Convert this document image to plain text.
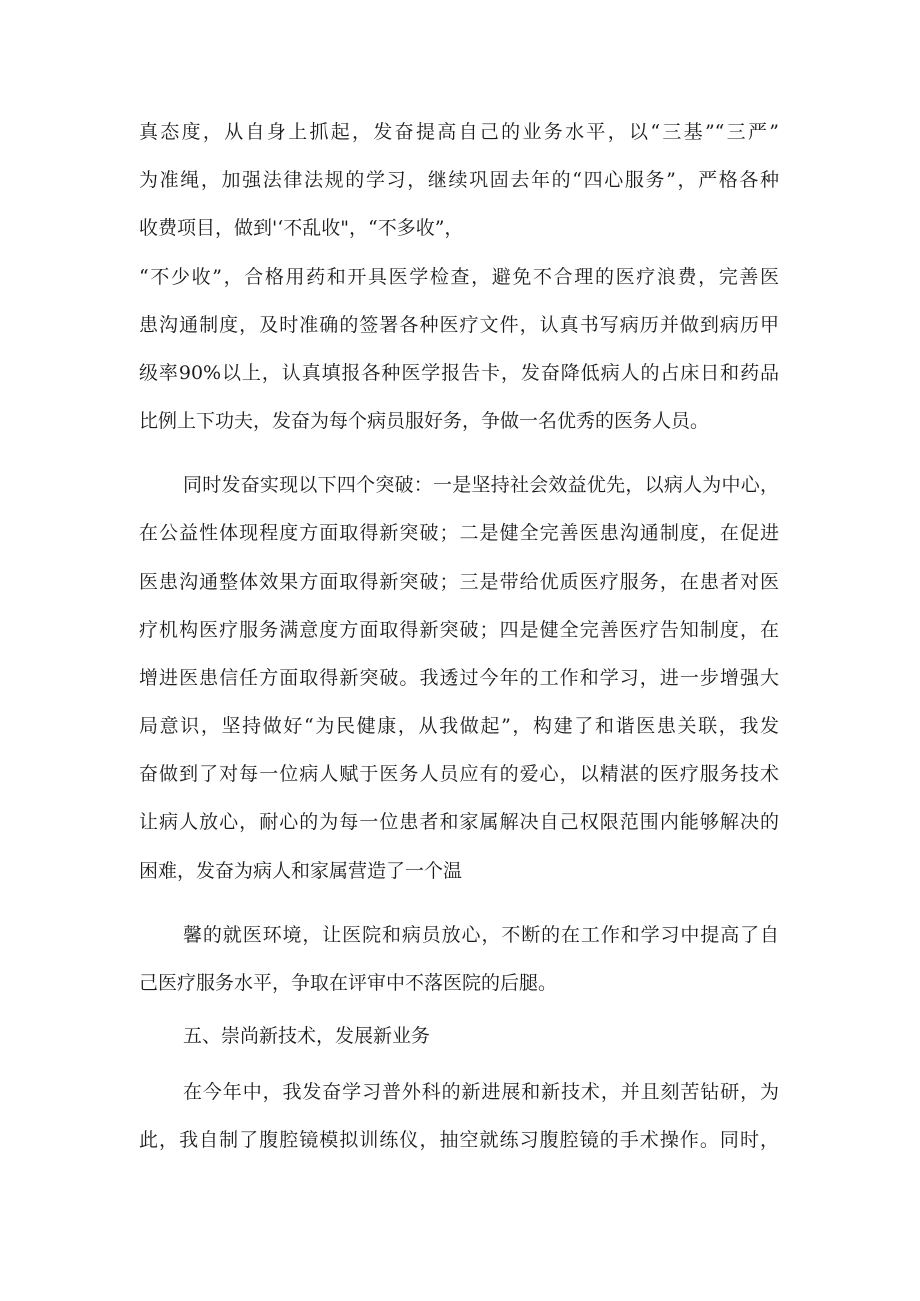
真态度，从自身上抓起，发奋提高自己的业务水平，以“三基”“三严”
为准绳，加强法律法规的学习，继续巩固去年的“四心服务”，严格各种
收费项目，做到'‘不乱收"，“不多收”，
“不少收”，合格用药和开具医学检查，避免不合理的医疗浪费，完善医
患沟通制度，及时准确的签署各种医疗文件，认真书写病历并做到病历甲
级率90%以上，认真填报各种医学报告卡，发奋降低病人的占床日和药品
比例上下功夫，发奋为每个病员服好务，争做一名优秀的医务人员。
同时发奋实现以下四个突破：一是坚持社会效益优先，以病人为中心，
在公益性体现程度方面取得新突破；二是健全完善医患沟通制度，在促进
医患沟通整体效果方面取得新突破；三是带给优质医疗服务，在患者对医
疗机构医疗服务满意度方面取得新突破；四是健全完善医疗告知制度，在
增进医患信任方面取得新突破。我透过今年的工作和学习，进一步增强大
局意识，坚持做好“为民健康，从我做起”，构建了和谐医患关联，我发
奋做到了对每一位病人赋于医务人员应有的爱心，以精湛的医疗服务技术
让病人放心，耐心的为每一位患者和家属解决自己权限范围内能够解决的
困难，发奋为病人和家属营造了一个温
馨的就医环境，让医院和病员放心，不断的在工作和学习中提高了自
己医疗服务水平，争取在评审中不落医院的后腿。
五、崇尚新技术，发展新业务
在今年中，我发奋学习普外科的新进展和新技术，并且刻苦钻研，为
此，我自制了腹腔镜模拟训练仪，抽空就练习腹腔镜的手术操作。同时，
